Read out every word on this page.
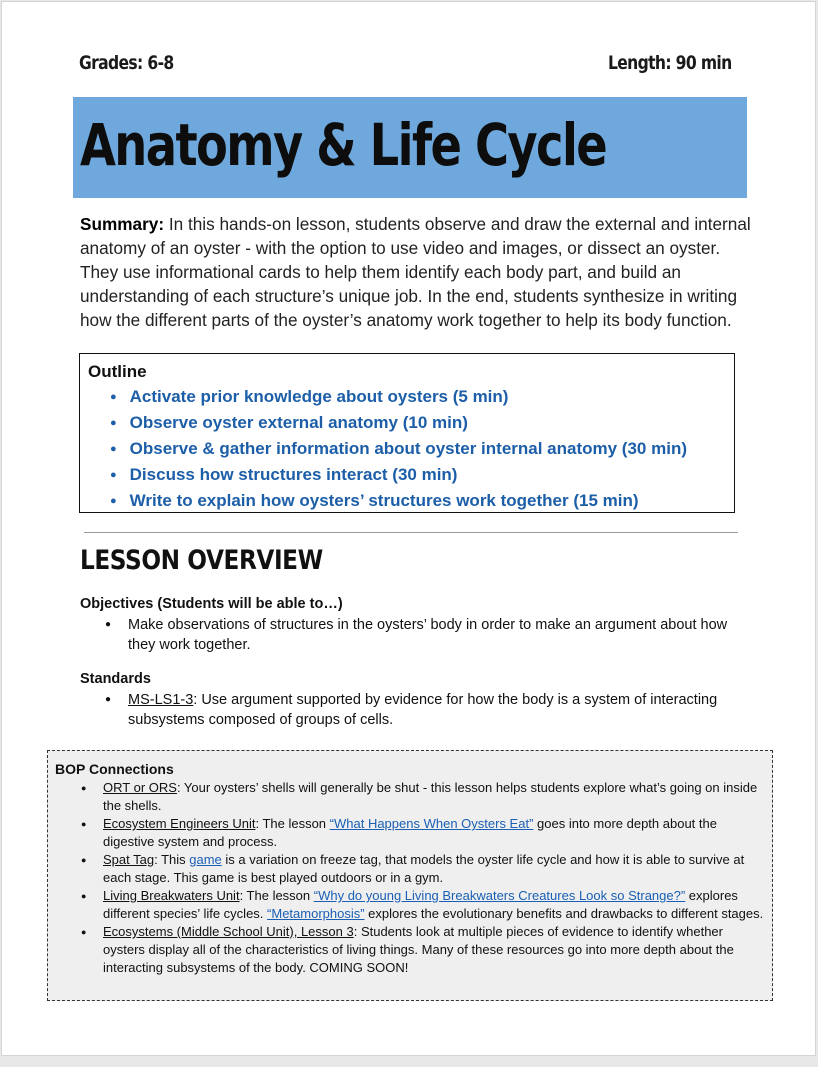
Grades: 6-8	Length: 90 min
Anatomy & Life Cycle
Summary: In this hands-on lesson, students observe and draw the external and internal anatomy of an oyster - with the option to use video and images, or dissect an oyster. They use informational cards to help them identify each body part, and build an understanding of each structure’s unique job. In the end, students synthesize in writing how the different parts of the oyster’s anatomy work together to help its body function.
Outline
● Activate prior knowledge about oysters (5 min)
● Observe oyster external anatomy (10 min)
● Observe & gather information about oyster internal anatomy (30 min)
● Discuss how structures interact (30 min)
● Write to explain how oysters’ structures work together (15 min)
LESSON OVERVIEW
Objectives (Students will be able to…)
● Make observations of structures in the oysters’ body in order to make an argument about how they work together.
Standards
● MS-LS1-3: Use argument supported by evidence for how the body is a system of interacting subsystems composed of groups of cells.
BOP Connections
● ORT or ORS: Your oysters’ shells will generally be shut - this lesson helps students explore what’s going on inside the shells.
● Ecosystem Engineers Unit: The lesson “What Happens When Oysters Eat” goes into more depth about the digestive system and process.
● Spat Tag: This game is a variation on freeze tag, that models the oyster life cycle and how it is able to survive at each stage. This game is best played outdoors or in a gym.
● Living Breakwaters Unit: The lesson “Why do young Living Breakwaters Creatures Look so Strange?” explores different species’ life cycles. “Metamorphosis” explores the evolutionary benefits and drawbacks to different stages.
● Ecosystems (Middle School Unit), Lesson 3: Students look at multiple pieces of evidence to identify whether oysters display all of the characteristics of living things. Many of these resources go into more depth about the interacting subsystems of the body. COMING SOON!
